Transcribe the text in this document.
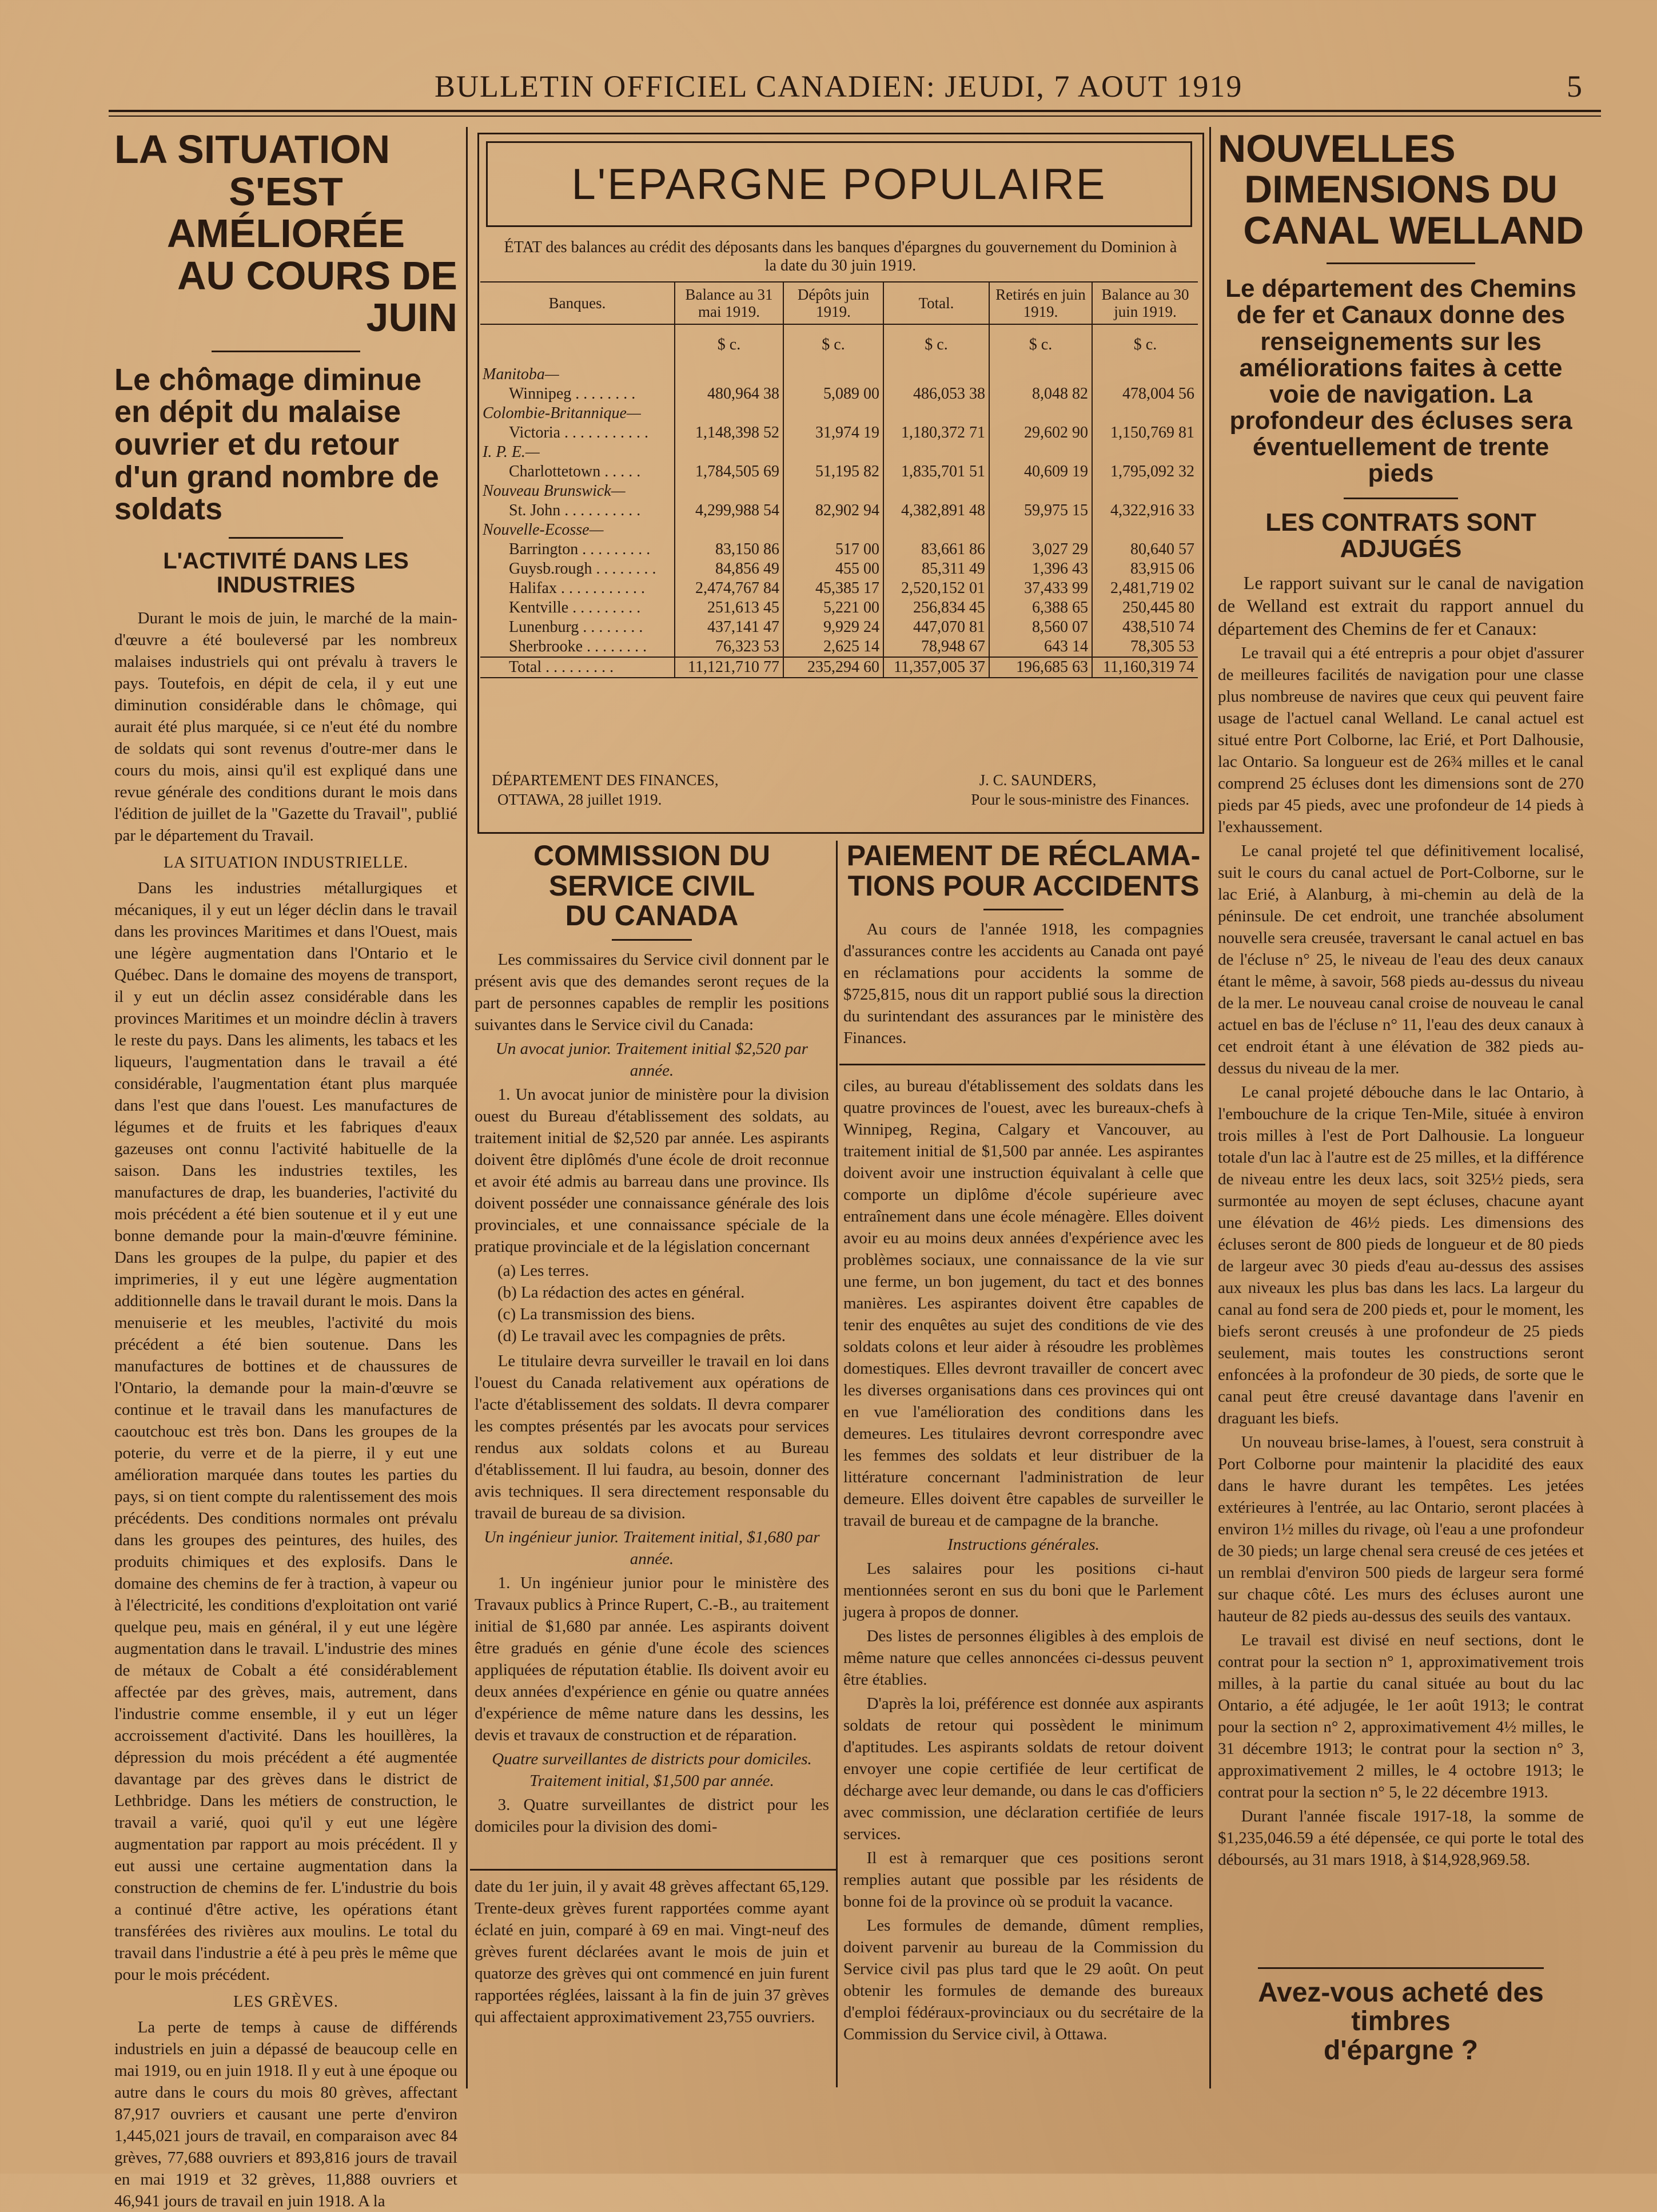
BULLETIN OFFICIEL CANADIEN: JEUDI, 7 AOUT 1919	5
LA SITUATION
S'EST AMÉLIORÉE
AU COURS DE JUIN
Le chômage diminue en dépit du malaise ouvrier et du retour d'un grand nombre de soldats
L'ACTIVITÉ DANS LES INDUSTRIES

Durant le mois de juin, le marché de la main-d'œuvre a été bouleversé par les nombreux malaises industriels qui ont prévalu à travers le pays. Toutefois, en dépit de cela, il y eut une diminution considérable dans le chômage, qui aurait été plus marquée, si ce n'eut été du nombre de soldats qui sont revenus d'outre-mer dans le cours du mois, ainsi qu'il est expliqué dans une revue générale des conditions durant le mois dans l'édition de juillet de la "Gazette du Travail", publié par le département du Travail.

LA SITUATION INDUSTRIELLE.

Dans les industries métallurgiques et mécaniques, il y eut un léger déclin dans le travail dans les provinces Maritimes et dans l'Ouest, mais une légère augmentation dans l'Ontario et le Québec. Dans le domaine des moyens de transport, il y eut un déclin assez considérable dans les provinces Maritimes et un moindre déclin à travers le reste du pays. Dans les aliments, les tabacs et les liqueurs, l'augmentation dans le travail a été considérable, l'augmentation étant plus marquée dans l'est que dans l'ouest. Les manufactures de légumes et de fruits et les fabriques d'eaux gazeuses ont connu l'activité habituelle de la saison. Dans les industries textiles, les manufactures de drap, les buanderies, l'activité du mois précédent a été bien soutenue et il y eut une bonne demande pour la main-d'œuvre féminine. Dans les groupes de la pulpe, du papier et des imprimeries, il y eut une légère augmentation additionnelle dans le travail durant le mois. Dans la menuiserie et les meubles, l'activité du mois précédent a été bien soutenue. Dans les manufactures de bottines et de chaussures de l'Ontario, la demande pour la main-d'œuvre se continue et le travail dans les manufactures de caoutchouc est très bon. Dans les groupes de la poterie, du verre et de la pierre, il y eut une amélioration marquée dans toutes les parties du pays, si on tient compte du ralentissement des mois précédents. Des conditions normales ont prévalu dans les groupes des peintures, des huiles, des produits chimiques et des explosifs. Dans le domaine des chemins de fer à traction, à vapeur ou à l'électricité, les conditions d'exploitation ont varié quelque peu, mais en général, il y eut une légère augmentation dans le travail. L'industrie des mines de métaux de Cobalt a été considérablement affectée par des grèves, mais, autrement, dans l'industrie comme ensemble, il y eut un léger accroissement d'activité. Dans les houillères, la dépression du mois précédent a été augmentée davantage par des grèves dans le district de Lethbridge. Dans les métiers de construction, le travail a varié, quoi qu'il y eut une légère augmentation par rapport au mois précédent. Il y eut aussi une certaine augmentation dans la construction de chemins de fer. L'industrie du bois a continué d'être active, les opérations étant transférées des rivières aux moulins. Le total du travail dans l'industrie a été à peu près le même que pour le mois précédent.

LES GRÈVES.

La perte de temps à cause de différends industriels en juin a dépassé de beaucoup celle en mai 1919, ou en juin 1918. Il y eut à une époque ou autre dans le cours du mois 80 grèves, affectant 87,917 ouvriers et causant une perte d'environ 1,445,021 jours de travail, en comparaison avec 84 grèves, 77,688 ouvriers et 893,816 jours de travail en mai 1919 et 32 grèves, 11,888 ouvriers et 46,941 jours de travail en juin 1918. A la

L'EPARGNE POPULAIRE
ÉTAT des balances au crédit des déposants dans les banques d'épargnes du gouvernement du Dominion à la date du 30 juin 1919.
Banques.	Balance au 31 mai 1919.	Dépôts juin 1919.	Total.	Retirés en juin 1919.	Balance au 30 juin 1919.
	$ c.	$ c.	$ c.	$ c.	$ c.
Manitoba—					
Winnipeg . . . . . . . .	480,964 38	5,089 00	486,053 38	8,048 82	478,004 56
Colombie-Britannique—					
Victoria . . . . . . . . . . .	1,148,398 52	31,974 19	1,180,372 71	29,602 90	1,150,769 81
I. P. E.—					
Charlottetown . . . . .	1,784,505 69	51,195 82	1,835,701 51	40,609 19	1,795,092 32
Nouveau Brunswick—					
St. John . . . . . . . . . .	4,299,988 54	82,902 94	4,382,891 48	59,975 15	4,322,916 33
Nouvelle-Ecosse—					
Barrington . . . . . . . . .	83,150 86	517 00	83,661 86	3,027 29	80,640 57
Guysb.rough . . . . . . . .	84,856 49	455 00	85,311 49	1,396 43	83,915 06
Halifax . . . . . . . . . . .	2,474,767 84	45,385 17	2,520,152 01	37,433 99	2,481,719 02
Kentville . . . . . . . . .	251,613 45	5,221 00	256,834 45	6,388 65	250,445 80
Lunenburg . . . . . . . .	437,141 47	9,929 24	447,070 81	8,560 07	438,510 74
Sherbrooke . . . . . . . .	76,323 53	2,625 14	78,948 67	643 14	78,305 53
Total . . . . . . . . .	11,121,710 77	235,294 60	11,357,005 37	196,685 63	11,160,319 74
DÉPARTEMENT DES FINANCES,
OTTAWA, 28 juillet 1919.
J. C. SAUNDERS,
Pour le sous-ministre des Finances.
COMMISSION DU SERVICE CIVIL
DU CANADA

Les commissaires du Service civil donnent par le présent avis que des demandes seront reçues de la part de personnes capables de remplir les positions suivantes dans le Service civil du Canada:

Un avocat junior. Traitement initial $2,520 par année.

1. Un avocat junior de ministère pour la division ouest du Bureau d'établissement des soldats, au traitement initial de $2,520 par année. Les aspirants doivent être diplômés d'une école de droit reconnue et avoir été admis au barreau dans une province. Ils doivent posséder une connaissance générale des lois provinciales, et une connaissance spéciale de la pratique provinciale et de la législation concernant

(a) Les terres.
(b) La rédaction des actes en général.
(c) La transmission des biens.
(d) Le travail avec les compagnies de prêts.

Le titulaire devra surveiller le travail en loi dans l'ouest du Canada relativement aux opérations de l'acte d'établissement des soldats. Il devra comparer les comptes présentés par les avocats pour services rendus aux soldats colons et au Bureau d'établissement. Il lui faudra, au besoin, donner des avis techniques. Il sera directement responsable du travail de bureau de sa division.

Un ingénieur junior. Traitement initial, $1,680 par année.

1. Un ingénieur junior pour le ministère des Travaux publics à Prince Rupert, C.-B., au traitement initial de $1,680 par année. Les aspirants doivent être gradués en génie d'une école des sciences appliquées de réputation établie. Ils doivent avoir eu deux années d'expérience en génie ou quatre années d'expérience de même nature dans les dessins, les devis et travaux de construction et de réparation.

Quatre surveillantes de districts pour domiciles. Traitement initial, $1,500 par année.

3. Quatre surveillantes de district pour les domiciles pour la division des domi-

PAIEMENT DE RÉCLAMA-
TIONS POUR ACCIDENTS

Au cours de l'année 1918, les compagnies d'assurances contre les accidents au Canada ont payé en réclamations pour accidents la somme de $725,815, nous dit un rapport publié sous la direction du surintendant des assurances par le ministère des Finances.

ciles, au bureau d'établissement des soldats dans les quatre provinces de l'ouest, avec les bureaux-chefs à Winnipeg, Regina, Calgary et Vancouver, au traitement initial de $1,500 par année. Les aspirantes doivent avoir une instruction équivalant à celle que comporte un diplôme d'école supérieure avec entraînement dans une école ménagère. Elles doivent avoir eu au moins deux années d'expérience avec les problèmes sociaux, une connaissance de la vie sur une ferme, un bon jugement, du tact et des bonnes manières. Les aspirantes doivent être capables de tenir des enquêtes au sujet des conditions de vie des soldats colons et leur aider à résoudre les problèmes domestiques. Elles devront travailler de concert avec les diverses organisations dans ces provinces qui ont en vue l'amélioration des conditions dans les demeures. Les titulaires devront correspondre avec les femmes des soldats et leur distribuer de la littérature concernant l'administration de leur demeure. Elles doivent être capables de surveiller le travail de bureau et de campagne de la branche.

Instructions générales.

Les salaires pour les positions ci-haut mentionnées seront en sus du boni que le Parlement jugera à propos de donner.

Des listes de personnes éligibles à des emplois de même nature que celles annoncées ci-dessus peuvent être établies.

D'après la loi, préférence est donnée aux aspirants soldats de retour qui possèdent le minimum d'aptitudes. Les aspirants soldats de retour doivent envoyer une copie certifiée de leur certificat de décharge avec leur demande, ou dans le cas d'officiers avec commission, une déclaration certifiée de leurs services.

Il est à remarquer que ces positions seront remplies autant que possible par les résidents de bonne foi de la province où se produit la vacance.

Les formules de demande, dûment remplies, doivent parvenir au bureau de la Commission du Service civil pas plus tard que le 29 août. On peut obtenir les formules de demande des bureaux d'emploi fédéraux-provinciaux ou du secrétaire de la Commission du Service civil, à Ottawa.

date du 1er juin, il y avait 48 grèves affectant 65,129. Trente-deux grèves furent rapportées comme ayant éclaté en juin, comparé à 69 en mai. Vingt-neuf des grèves furent déclarées avant le mois de juin et quatorze des grèves qui ont commencé en juin furent rapportées réglées, laissant à la fin de juin 37 grèves qui affectaient approximativement 23,755 ouvriers.

NOUVELLES
DIMENSIONS DU
CANAL WELLAND
Le département des Chemins de fer et Canaux donne des renseignements sur les améliorations faites à cette voie de navigation. La profondeur des écluses sera éventuellement de trente pieds
LES CONTRATS SONT ADJUGÉS

Le rapport suivant sur le canal de navigation de Welland est extrait du rapport annuel du département des Chemins de fer et Canaux:

Le travail qui a été entrepris a pour objet d'assurer de meilleures facilités de navigation pour une classe plus nombreuse de navires que ceux qui peuvent faire usage de l'actuel canal Welland. Le canal actuel est situé entre Port Colborne, lac Erié, et Port Dalhousie, lac Ontario. Sa longueur est de 26¾ milles et le canal comprend 25 écluses dont les dimensions sont de 270 pieds par 45 pieds, avec une profondeur de 14 pieds à l'exhaussement.

Le canal projeté tel que définitivement localisé, suit le cours du canal actuel de Port-Colborne, sur le lac Erié, à Alanburg, à mi-chemin au delà de la péninsule. De cet endroit, une tranchée absolument nouvelle sera creusée, traversant le canal actuel en bas de l'écluse n° 25, le niveau de l'eau des deux canaux étant le même, à savoir, 568 pieds au-dessus du niveau de la mer. Le nouveau canal croise de nouveau le canal actuel en bas de l'écluse n° 11, l'eau des deux canaux à cet endroit étant à une élévation de 382 pieds au-dessus du niveau de la mer.

Le canal projeté débouche dans le lac Ontario, à l'embouchure de la crique Ten-Mile, située à environ trois milles à l'est de Port Dalhousie. La longueur totale d'un lac à l'autre est de 25 milles, et la différence de niveau entre les deux lacs, soit 325½ pieds, sera surmontée au moyen de sept écluses, chacune ayant une élévation de 46½ pieds. Les dimensions des écluses seront de 800 pieds de longueur et de 80 pieds de largeur avec 30 pieds d'eau au-dessus des assises aux niveaux les plus bas dans les lacs. La largeur du canal au fond sera de 200 pieds et, pour le moment, les biefs seront creusés à une profondeur de 25 pieds seulement, mais toutes les constructions seront enfoncées à la profondeur de 30 pieds, de sorte que le canal peut être creusé davantage dans l'avenir en draguant les biefs.

Un nouveau brise-lames, à l'ouest, sera construit à Port Colborne pour maintenir la placidité des eaux dans le havre durant les tempêtes. Les jetées extérieures à l'entrée, au lac Ontario, seront placées à environ 1½ milles du rivage, où l'eau a une profondeur de 30 pieds; un large chenal sera creusé de ces jetées et un remblai d'environ 500 pieds de largeur sera formé sur chaque côté. Les murs des écluses auront une hauteur de 82 pieds au-dessus des seuils des vantaux.

Le travail est divisé en neuf sections, dont le contrat pour la section n° 1, approximativement trois milles, à la partie du canal située au bout du lac Ontario, a été adjugée, le 1er août 1913; le contrat pour la section n° 2, approximativement 4½ milles, le 31 décembre 1913; le contrat pour la section n° 3, approximativement 2 milles, le 4 octobre 1913; le contrat pour la section n° 5, le 22 décembre 1913.

Durant l'année fiscale 1917-18, la somme de $1,235,046.59 a été dépensée, ce qui porte le total des déboursés, au 31 mars 1918, à $14,928,969.58.

Avez-vous acheté des timbres
d'épargne ?
